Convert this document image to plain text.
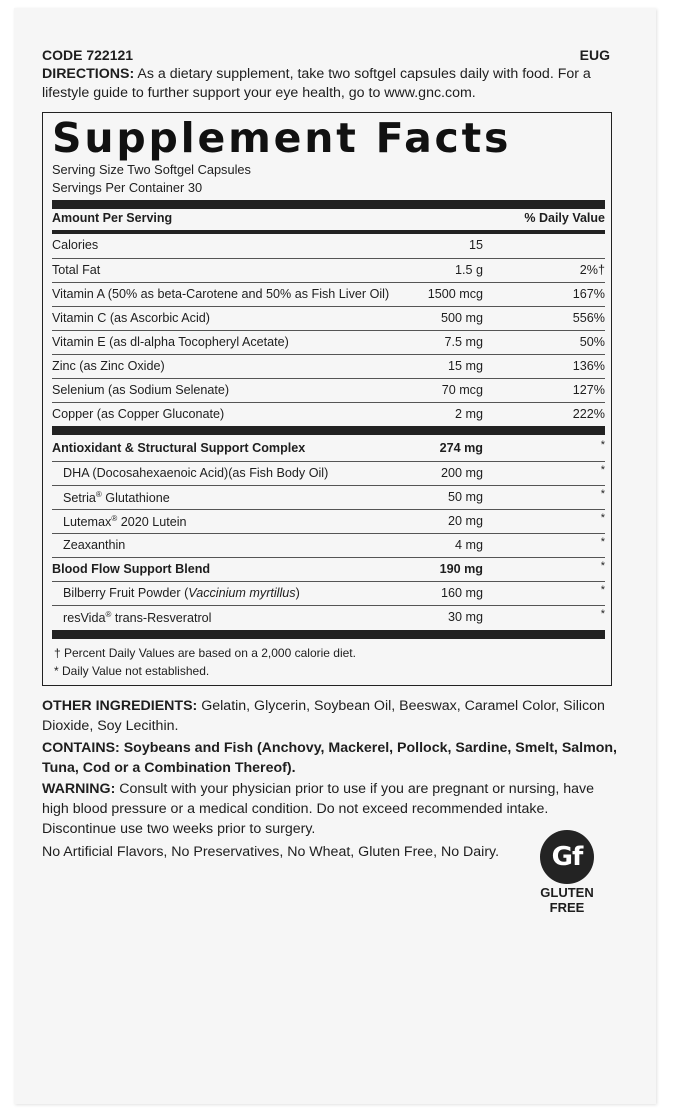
CODE 722121	EUG
DIRECTIONS: As a dietary supplement, take two softgel capsules daily with food. For a lifestyle guide to further support your eye health, go to www.gnc.com.
Supplement Facts
Serving Size Two Softgel Capsules
Servings Per Container 30
Amount Per Serving	% Daily Value
Calories	15
Total Fat	1.5 g	2%†
Vitamin A (50% as beta-Carotene and 50% as Fish Liver Oil)	1500 mcg	167%
Vitamin C (as Ascorbic Acid)	500 mg	556%
Vitamin E (as dl-alpha Tocopheryl Acetate)	7.5 mg	50%
Zinc (as Zinc Oxide)	15 mg	136%
Selenium (as Sodium Selenate)	70 mcg	127%
Copper (as Copper Gluconate)	2 mg	222%
Antioxidant & Structural Support Complex	274 mg	*
DHA (Docosahexaenoic Acid)(as Fish Body Oil)	200 mg	*
Setria® Glutathione	50 mg	*
Lutemax® 2020 Lutein	20 mg	*
Zeaxanthin	4 mg	*
Blood Flow Support Blend	190 mg	*
Bilberry Fruit Powder (Vaccinium myrtillus)	160 mg	*
resVida® trans-Resveratrol	30 mg	*
† Percent Daily Values are based on a 2,000 calorie diet.
* Daily Value not established.
OTHER INGREDIENTS: Gelatin, Glycerin, Soybean Oil, Beeswax, Caramel Color, Silicon Dioxide, Soy Lecithin.
CONTAINS: Soybeans and Fish (Anchovy, Mackerel, Pollock, Sardine, Smelt, Salmon, Tuna, Cod or a Combination Thereof).
WARNING: Consult with your physician prior to use if you are pregnant or nursing, have high blood pressure or a medical condition. Do not exceed recommended intake. Discontinue use two weeks prior to surgery.
No Artificial Flavors, No Preservatives, No Wheat, Gluten Free, No Dairy.	Gf
GLUTEN
FREE
